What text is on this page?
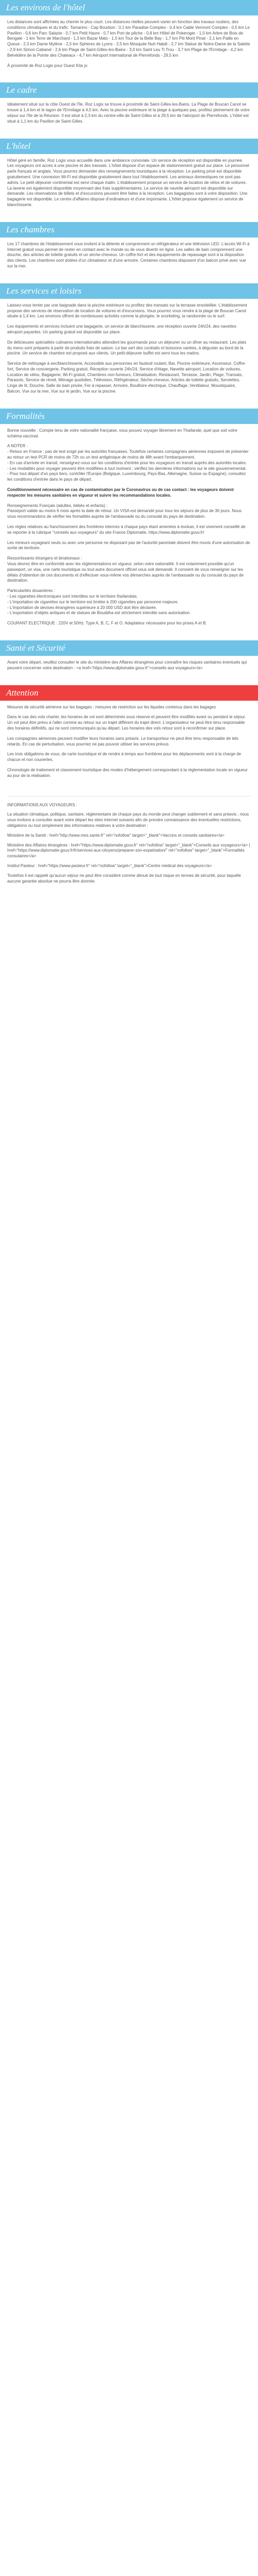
Les environs de l'hôtel

Les distances sont affichées au chemin le plus court. Les distances réelles peuvent varier en fonction des travaux routiers, des conditions climatiques et du trafic. Tamarino - Cap Bourbon : 0,1 km Paradise Complex - 0,4 km Cable Vermont Complex - 0,5 km Le Pavillon - 0,6 km Parc Salazie - 0,7 km Petit Havre - 0,7 km Port de pêche - 0,8 km Hôtel de Pokeroger - 1,0 km Arbre de Bois de Bengale - 1 km Terre de Marchard - 1,3 km Bazar Malo - 1,5 km Tour de la Belle Bay - 1,7 km Piti Mont Pinat - 2,1 km Paille en Queue - 2,3 km Dame Mylène - 2,5 km Sphères de Lyons - 2,5 km Mosquée Nuh Habdi - 2,7 km Statue de Notre-Dame de la Salette - 2,9 km Simon Cabanel - 2,6 km Plage de Saint-Gilles-les-Bains - 3,0 km Saint Leu Ti Trou - 3,7 km Plage de l'Ermitage - 4,2 km Belvédère de la Pointe des Chateaux - 4,7 km Aéroport international de Pierrefonds - 29,5 km

À proximité de Roz Logis pour Ouest Kita jo

Le cadre

Idéalement situé sur la côte Ouest de l'île, Roz Logis se trouve à proximité de Saint-Gilles-les-Bains. La Plage de Boucan Canot se trouve à 1,4 km et le lagon de l'Ermitage à 4,5 km. Avec la piscine extérieure et la plage à quelques pas, profitez pleinement de votre séjour sur l'île de la Réunion. Il est situé à 2,3 km du centre-ville de Saint-Gilles et à 29,5 km de l'aéroport de Pierrefonds. L'hôtel est situé à 1,1 km du Pavillon de Saint-Gilles.

L'hôtel

Hôtel géré en famille, Roz Logis vous accueille dans une ambiance conviviale. Un service de réception est disponible en journée. Les voyageurs ont accès à une piscine et des transats. L'hôtel dispose d'un espace de stationnement gratuit sur place. Le personnel parle français et anglais. Vous pourrez demander des renseignements touristiques à la réception. Le parking privé est disponible gratuitement. Une connexion Wi-Fi est disponible gratuitement dans tout l'établissement. Les animaux domestiques ne sont pas admis. Le petit-déjeuner continental est servi chaque matin. L'établissement propose un service de location de vélos et de voitures. La laverie est également disponible moyennant des frais supplémentaires. Le service de navette aéroport est disponible sur demande. Les réservations de billets et d'excursions peuvent être faites à la réception. Les bagagistes sont à votre disposition. Une bagagerie est disponible. Le centre d'affaires dispose d'ordinateurs et d'une imprimante. L'hôtel propose également un service de blanchisserie.

Les chambres

Les 17 chambres de l'établissement vous invitent à la détente et comprennent un réfrigérateur et une télévision LED. L'accès Wi-Fi à Internet gratuit vous permet de rester en contact avec le monde ou de vous divertir en ligne. Les salles de bain comprennent une douche, des articles de toilette gratuits et un sèche-cheveux. Un coffre-fort et des équipements de repassage sont à la disposition des clients. Les chambres sont dotées d'un climatiseur et d'une armoire. Certaines chambres disposent d'un balcon privé avec vue sur la mer.

Les services et loisirs

Laissez-vous tenter par une baignade dans la piscine extérieure ou profitez des transats sur la terrasse ensoleillée. L'établissement propose des services de réservation de location de voitures et d'excursions. Vous pourrez vous rendre à la plage de Boucan Canot située à 1,4 km. Les environs offrent de nombreuses activités comme la plongée, le snorkeling, la randonnée ou le surf.

Les équipements et services incluent une bagagerie, un service de blanchisserie, une réception ouverte 24h/24, des navettes aéroport payantes. Un parking gratuit est disponible sur place.

De délicieuses spécialités culinaires internationales attendent les gourmands pour un déjeuner ou un dîner au restaurant. Les plats du menu sont préparés à partir de produits frais de saison. Le bar sert des cocktails et boissons variées, à déguster au bord de la piscine. Un service de chambre est proposé aux clients. Un petit-déjeuner buffet est servi tous les matins.

Service de nettoyage à sec/blanchisserie, Accessible aux personnes en fauteuil roulant, Bar, Piscine extérieure, Ascenseur, Coffre-fort, Service de conciergerie, Parking gratuit, Réception ouverte 24h/24, Service d'étage, Navette aéroport, Location de voitures, Location de vélos, Bagagerie, Wi-Fi gratuit, Chambres non-fumeurs, Climatisation, Restaurant, Terrasse, Jardin, Plage, Transats, Parasols, Service de réveil, Ménage quotidien, Télévision, Réfrigérateur, Sèche-cheveux, Articles de toilette gratuits, Serviettes, Linge de lit, Douche, Salle de bain privée, Fer à repasser, Armoire, Bouilloire électrique, Chauffage, Ventilateur, Moustiquaire, Balcon, Vue sur la mer, Vue sur le jardin, Vue sur la piscine.

Formalités

Bonne nouvelle : Compte tenu de votre nationalité française, vous pouvez voyager librement en Thaïlande, quel que soit votre schéma vaccinal.

A NOTER :
- Retour en France : pas de test exigé par les autorités françaises. Toutefois certaines compagnies aériennes imposent de présenter au retour un test PCR de moins de 72h ou un test antigénique de moins de 48h avant l'embarquement.
- En cas d'arrivée en transit, renseignez-vous sur les conditions d'entrée pour les voyageurs en transit auprès des autorités locales.
- Les modalités pour voyager peuvent être modifiées à tout moment ; vérifiez les dernières informations sur le site gouvernemental.
- Pour tout départ d'un pays tiers, contrôler l'Europe (Belgique, Luxembourg, Pays-Bas, Allemagne, Suisse ou Espagne), consultez les conditions d'entrée dans le pays de départ.

Conditionnement nécessaire en cas de contamination par le Coronavirus ou de cas contact : les voyageurs doivent respecter les mesures sanitaires en vigueur et suivre les recommandations locales.

Renseignements Français (adultes, bébés et enfants) :
Passeport valide au moins 6 mois après la date de retour. Un VISA est demandé pour tous les séjours de plus de 30 jours. Nous vous recommandons de vérifier les formalités auprès de l'ambassade ou du consulat du pays de destination.

Les règles relatives au franchissement des frontières internes à chaque pays étant amenées à évoluer, il est vivement conseillé de se reporter à la rubrique "conseils aux voyageurs" du site France Diplomatie, https://www.diplomatie.gouv.fr/

Les mineurs voyageant seuls ou avec une personne ne disposant pas de l'autorité parentale doivent être munis d'une autorisation de sortie de territoire.

Ressortissants étrangers et binationaux :
Vous devrez être en conformité avec les réglementations en vigueur, selon votre nationalité. Il est notamment possible qu'un passeport, un visa, une carte touristique ou tout autre document officiel vous soit demandé. Il convient de vous renseigner sur les délais d'obtention de ces documents et d'effectuer vous-même vos démarches auprès de l'ambassade ou du consulat du pays de destination.

Particularités douanières :
- Les cigarettes électroniques sont interdites sur le territoire thaïlandais.
- L'importation de cigarettes sur le territoire est limitée à 200 cigarettes par personne majeure.
- L'importation de devises étrangères supérieure à 20 000 USD doit être déclarée.
- L'exportation d'objets antiques et de statues de Bouddha est strictement interdite sans autorisation.

COURANT ELECTRIQUE : 220V et 50Hz. Type A, B, C, F et O. Adaptateur nécessaire pour les prises A et B.

Santé et Sécurité

Avant votre départ, veuillez consulter le site du ministère des Affaires étrangères pour connaître les risques sanitaires éventuels qui peuvent concerner votre destination : <a href="https://www.diplomatie.gouv.fr">conseils aux voyageurs</a>

Attention

Mesures de sécurité aérienne sur les bagages : mesures de restriction sur les liquides contenus dans les bagages

Dans le cas des vols charter, les horaires de vol sont déterminés sous réserve et peuvent être modifiés avant ou pendant le séjour. Un vol peut être prévu à l'aller comme au retour sur un trajet différent du trajet direct. L'organisateur ne peut être tenu responsable des horaires définitifs, qui ne sont communiqués qu'au départ. Les horaires des vols retour sont à reconfirmer sur place.

Les compagnies aériennes peuvent modifier leurs horaires sans préavis. Le transporteur ne peut être tenu responsable de tels retards. En cas de perturbation, vous pourriez ne pas pouvoir utiliser les services prévus.

Les trois obligations de vous, de carte touristique et de rendre à temps aux frontières pour les déplacements sont à la charge de chacun et non couvertes.

Chronologie de traitement et classement touristique des modes d'hébergement correspondant à la réglementation locale en vigueur au jour de la réalisation.

INFORMATIONS AUX VOYAGEURS :

La situation climatique, politique, sanitaire, réglementaire de chaque pays du monde peut changer subitement et sans préavis ; nous vous invitons à consulter avant votre départ les sites internet suivants afin de prendre connaissance des éventuelles restrictions, obligations ou tout simplement des informations relatives à votre destination :

Ministère de la Santé : href="http://www.mes.sante.fr" rel="nofollow" target="_blank">Vaccins et conseils sanitaires</a>

Ministère des Affaires étrangères : href="https://www.diplomatie.gouv.fr" rel="nofollow" target="_blank">Conseils aux voyageurs</a> | href="https://www.diplomatie.gouv.fr/fr/services-aux-citoyens/preparer-son-expatriation/" rel="nofollow" target="_blank">Formalités consulaires</a>

Institut Pasteur : href="https://www.pasteur.fr" rel="nofollow" target="_blank">Centre médical des voyageurs</a>

Toutefois il est rappelé qu'aucun séjour ne peut être considéré comme dénué de tout risque en termes de sécurité, pour laquelle aucune garantie absolue ne pourra être donnée.
